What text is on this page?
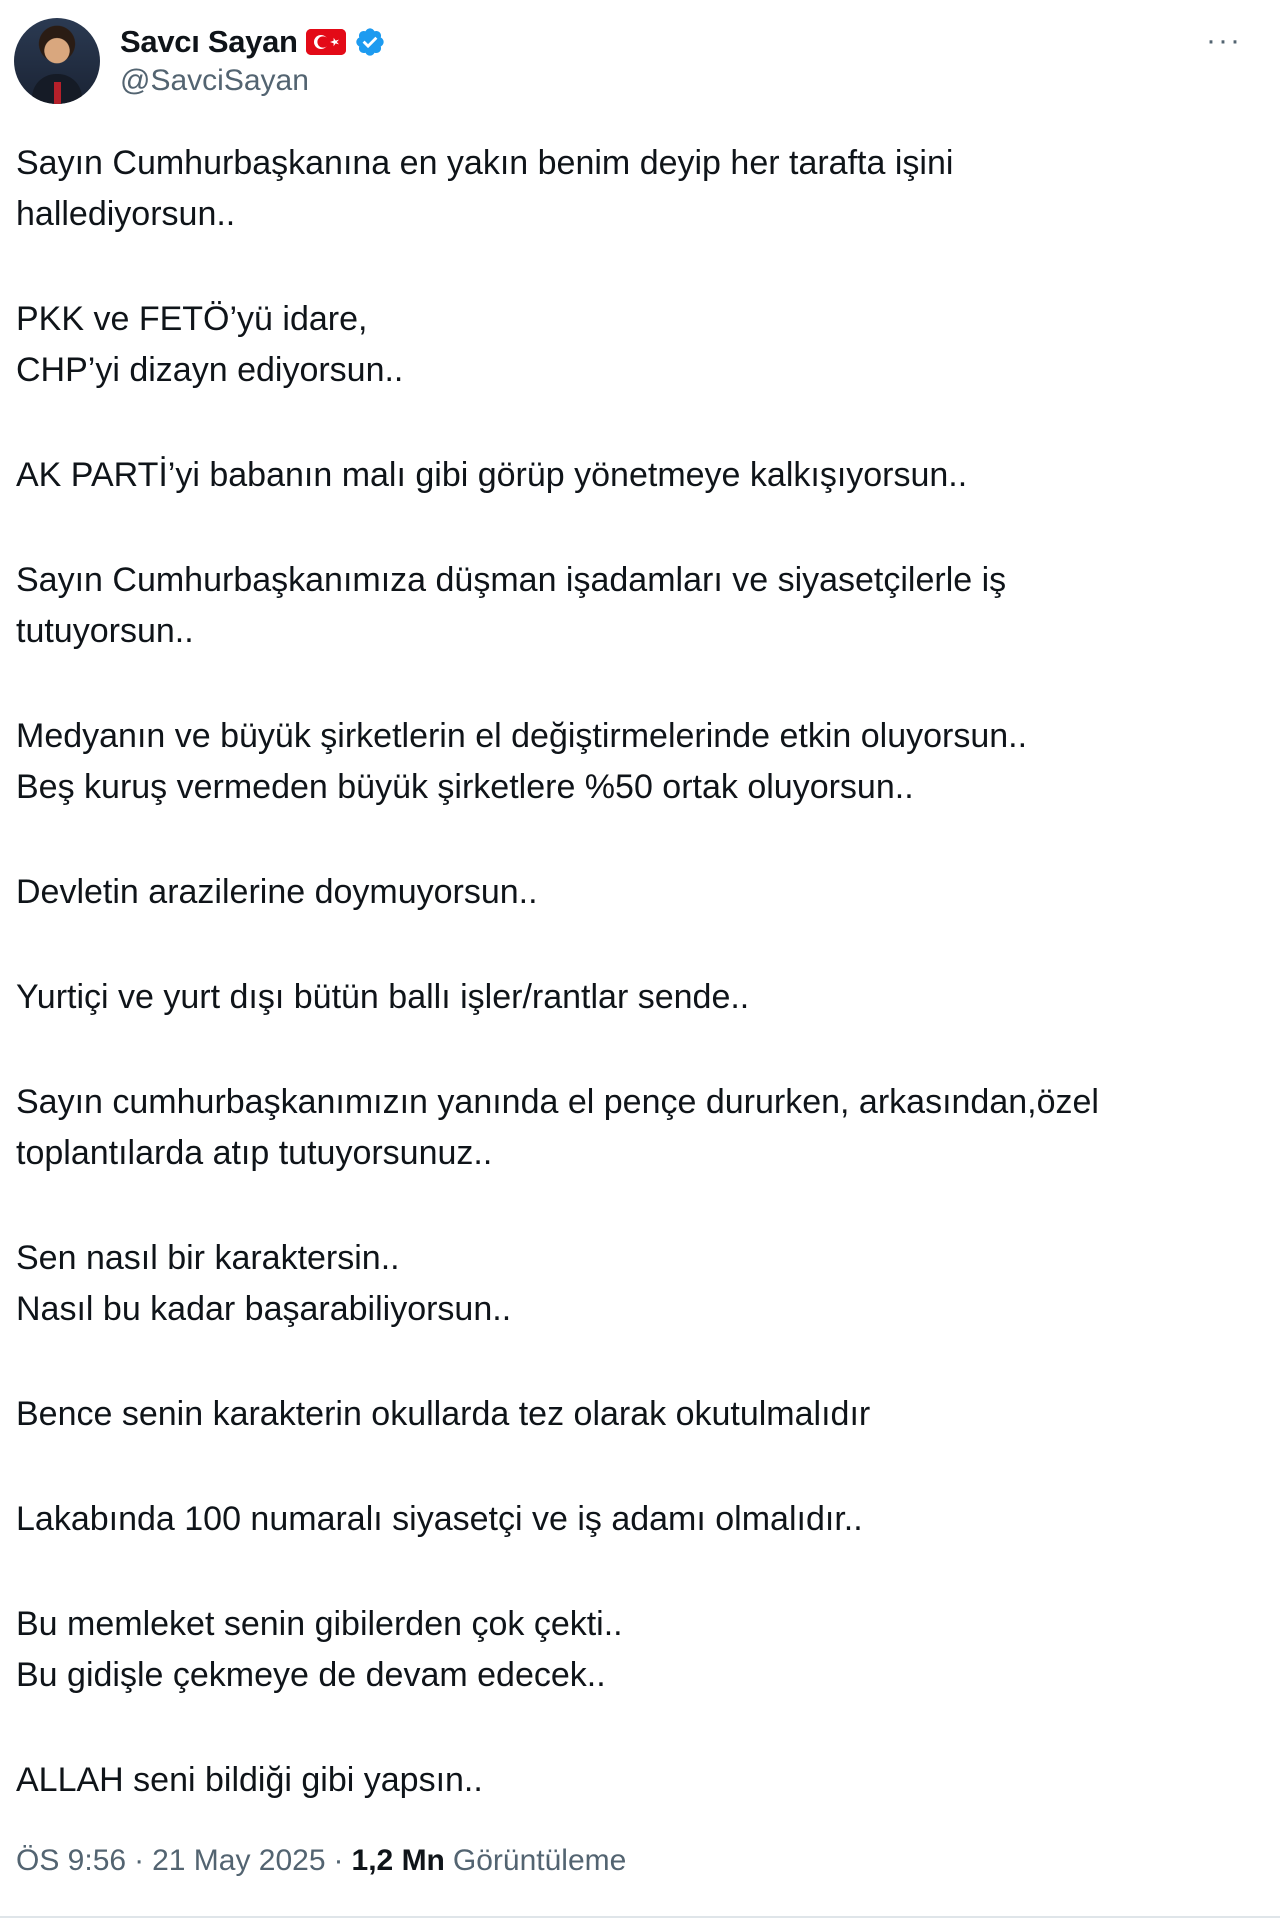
Savcı Sayan
@SavciSayan
···

Sayın Cumhurbaşkanına en yakın benim deyip her tarafta işini
hallediyorsun..

PKK ve FETÖ’yü idare,
CHP’yi dizayn ediyorsun..

AK PARTİ’yi babanın malı gibi görüp yönetmeye kalkışıyorsun..

Sayın Cumhurbaşkanımıza düşman işadamları ve siyasetçilerle iş
tutuyorsun..

Medyanın ve büyük şirketlerin el değiştirmelerinde etkin oluyorsun..
Beş kuruş vermeden büyük şirketlere %50 ortak oluyorsun..

Devletin arazilerine doymuyorsun..

Yurtiçi ve yurt dışı bütün ballı işler/rantlar sende..

Sayın cumhurbaşkanımızın yanında el pençe dururken, arkasından,özel
toplantılarda atıp tutuyorsunuz..

Sen nasıl bir karaktersin..
Nasıl bu kadar başarabiliyorsun..

Bence senin karakterin okullarda tez olarak okutulmalıdır

Lakabında 100 numaralı siyasetçi ve iş adamı olmalıdır..

Bu memleket senin gibilerden çok çekti..
Bu gidişle çekmeye de devam edecek..

ALLAH seni bildiği gibi yapsın..

ÖS 9:56 · 21 May 2025 · 1,2 Mn Görüntüleme
